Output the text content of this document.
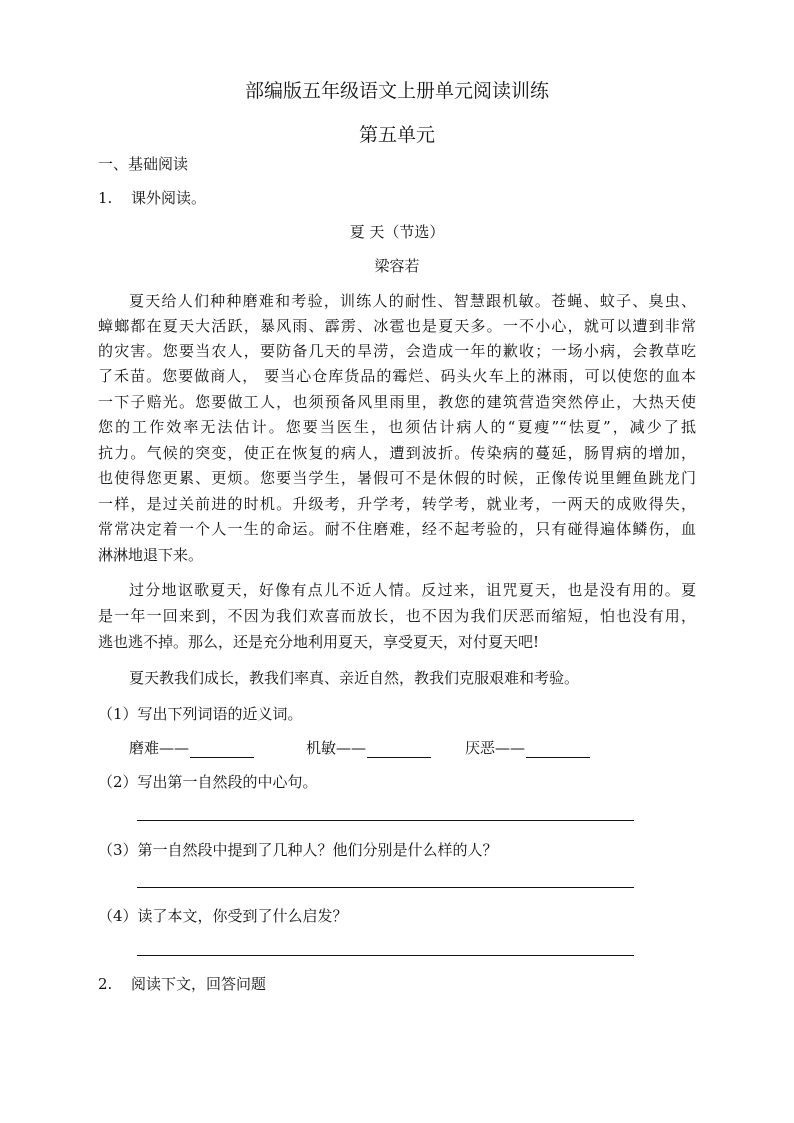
部编版五年级语文上册单元阅读训练
第五单元
一、基础阅读
1. 课外阅读。
夏 天（节选）
梁容若
夏天给人们种种磨难和考验，训练人的耐性、智慧跟机敏。苍蝇、蚊子、臭虫、
蟑螂都在夏天大活跃，暴风雨、霹雳、冰雹也是夏天多。一不小心，就可以遭到非常
的灾害。您要当农人，要防备几天的旱涝，会造成一年的歉收；一场小病，会教草吃
了禾苗。您要做商人， 要当心仓库货品的霉烂、码头火车上的淋雨，可以使您的血本
一下子赔光。您要做工人，也须预备风里雨里，教您的建筑营造突然停止，大热天使
您的工作效率无法估计。您要当医生，也须估计病人的“夏瘦”“怯夏”，减少了抵
抗力。气候的突变，使正在恢复的病人，遭到波折。传染病的蔓延，肠胃病的增加，
也使得您更累、更烦。您要当学生，暑假可不是休假的时候，正像传说里鲤鱼跳龙门
一样，是过关前进的时机。升级考，升学考，转学考，就业考，一两天的成败得失，
常常决定着一个人一生的命运。耐不住磨难，经不起考验的，只有碰得遍体鳞伤，血
淋淋地退下来。
过分地讴歌夏天，好像有点儿不近人情。反过来，诅咒夏天，也是没有用的。夏
是一年一回来到，不因为我们欢喜而放长，也不因为我们厌恶而缩短，怕也没有用，
逃也逃不掉。那么，还是充分地利用夏天，享受夏天，对付夏天吧!
夏天教我们成长，教我们率真、亲近自然，教我们克服艰难和考验。
（1）写出下列词语的近义词。
磨难——	机敏——	厌恶——
（2）写出第一自然段的中心句。
（3）第一自然段中提到了几种人？他们分别是什么样的人？
（4）读了本文，你受到了什么启发？
2. 阅读下文，回答问题
